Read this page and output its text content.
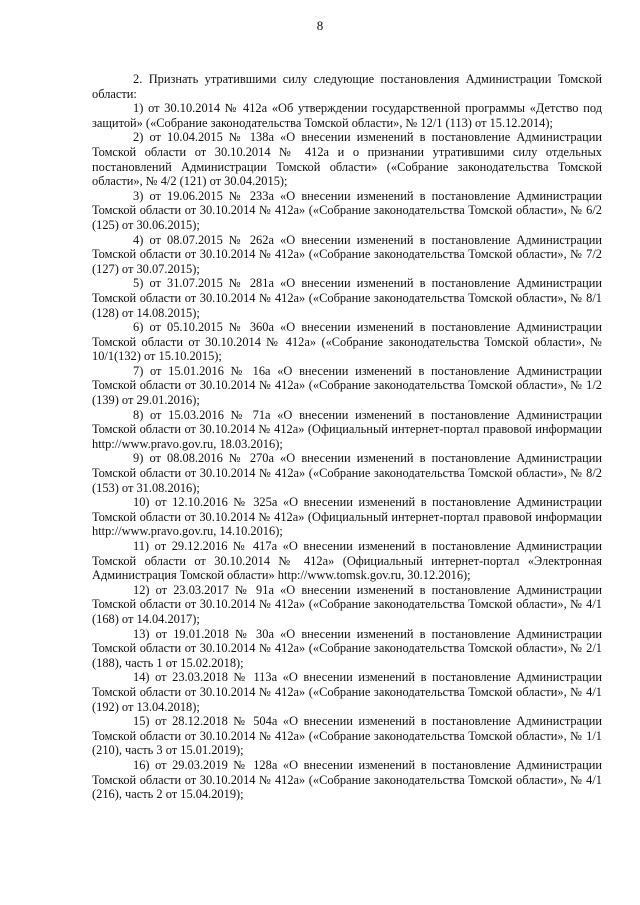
8

2. Признать утратившими силу следующие постановления Администрации Томской области:

1) от 30.10.2014 № 412а «Об утверждении государственной программы «Детство под защитой» («Собрание законодательства Томской области», № 12/1 (113) от 15.12.2014);

2) от 10.04.2015 № 138а «О внесении изменений в постановление Администрации Томской области от 30.10.2014 № 412а и о признании утратившими силу отдельных постановлений Администрации Томской области» («Собрание законодательства Томской области», № 4/2 (121) от 30.04.2015);

3) от 19.06.2015 № 233а «О внесении изменений в постановление Администрации Томской области от 30.10.2014 № 412а» («Собрание законодательства Томской области», № 6/2 (125) от 30.06.2015);

4) от 08.07.2015 № 262а «О внесении изменений в постановление Администрации Томской области от 30.10.2014 № 412а» («Собрание законодательства Томской области», № 7/2 (127) от 30.07.2015);

5) от 31.07.2015 № 281а «О внесении изменений в постановление Администрации Томской области от 30.10.2014 № 412а» («Собрание законодательства Томской области», № 8/1 (128) от 14.08.2015);

6) от 05.10.2015 № 360а «О внесении изменений в постановление Администрации Томской области от 30.10.2014 № 412а» («Собрание законодательства Томской области», № 10/1(132) от 15.10.2015);

7) от 15.01.2016 № 16а «О внесении изменений в постановление Администрации Томской области от 30.10.2014 № 412а» («Собрание законодательства Томской области», № 1/2 (139) от 29.01.2016);

8) от 15.03.2016 № 71а «О внесении изменений в постановление Администрации Томской области от 30.10.2014 № 412а» (Официальный интернет-портал правовой информации http://www.pravo.gov.ru, 18.03.2016);

9) от 08.08.2016 № 270а «О внесении изменений в постановление Администрации Томской области от 30.10.2014 № 412а» («Собрание законодательства Томской области», № 8/2 (153) от 31.08.2016);

10) от 12.10.2016 № 325а «О внесении изменений в постановление Администрации Томской области от 30.10.2014 № 412а» (Официальный интернет-портал правовой информации http://www.pravo.gov.ru, 14.10.2016);

11) от 29.12.2016 № 417а «О внесении изменений в постановление Администрации Томской области от 30.10.2014 № 412а» (Официальный интернет-портал «Электронная Администрация Томской области» http://www.tomsk.gov.ru, 30.12.2016);

12) от 23.03.2017 № 91а «О внесении изменений в постановление Администрации Томской области от 30.10.2014 № 412а» («Собрание законодательства Томской области», № 4/1 (168) от 14.04.2017);

13) от 19.01.2018 № 30а «О внесении изменений в постановление Администрации Томской области от 30.10.2014 № 412а» («Собрание законодательства Томской области», № 2/1 (188), часть 1 от 15.02.2018);

14) от 23.03.2018 № 113а «О внесении изменений в постановление Администрации Томской области от 30.10.2014 № 412а» («Собрание законодательства Томской области», № 4/1 (192) от 13.04.2018);

15) от 28.12.2018 № 504а «О внесении изменений в постановление Администрации Томской области от 30.10.2014 № 412а» («Собрание законодательства Томской области», № 1/1 (210), часть 3 от 15.01.2019);

16) от 29.03.2019 № 128а «О внесении изменений в постановление Администрации Томской области от 30.10.2014 № 412а» («Собрание законодательства Томской области», № 4/1 (216), часть 2 от 15.04.2019);
